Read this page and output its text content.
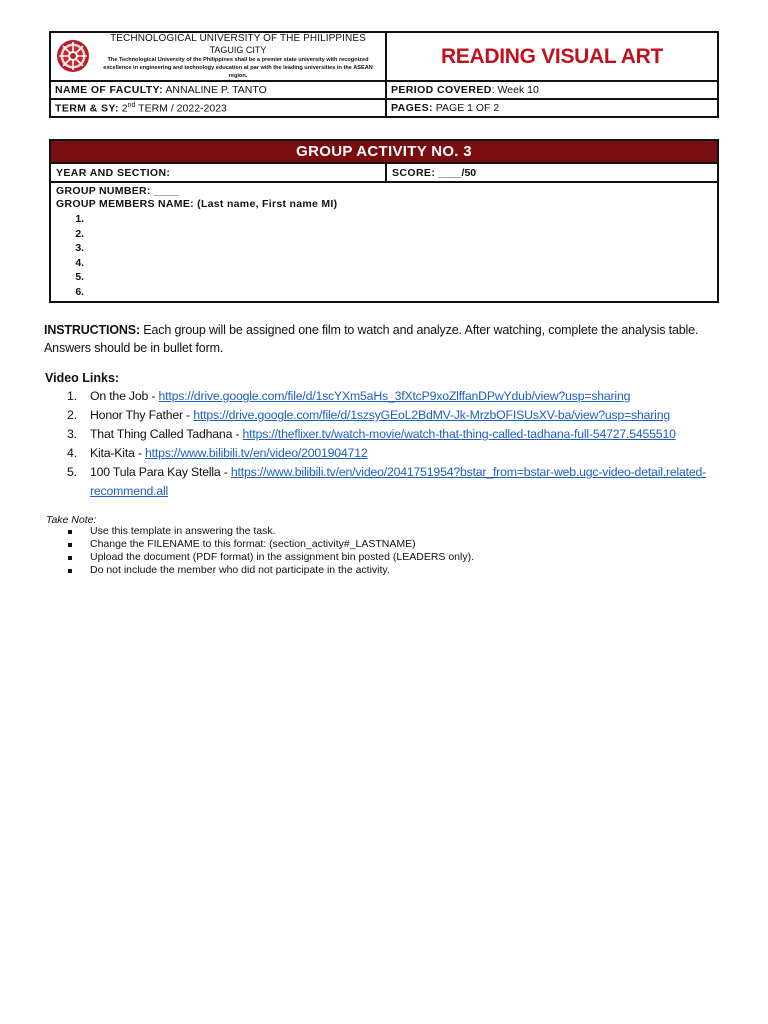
TECHNOLOGICAL UNIVERSITY OF THE PHILIPPINES
TAGUIG CITY
The Technological University of the Philippines shall be a premier state university with recognized excellence in engineering and technology education at par with the leading universities in the ASEAN region.	READING VISUAL ART
NAME OF FACULTY: ANNALINE P. TANTO	PERIOD COVERED: Week 10
TERM & SY: 2nd TERM / 2022-2023	PAGES: PAGE 1 OF 2
GROUP ACTIVITY NO. 3
YEAR AND SECTION:	SCORE: ____/50

GROUP NUMBER: ____
GROUP MEMBERS NAME: (Last name, First name MI)
1.
2.
3.
4.
5.
6.
INSTRUCTIONS: Each group will be assigned one film to watch and analyze. After watching, complete the analysis table. Answers should be in bullet form.
Video Links:
1. On the Job - https://drive.google.com/file/d/1scYXm5aHs_3fXtcP9xoZlffanDPwYdub/view?usp=sharing
2. Honor Thy Father - https://drive.google.com/file/d/1szsyGEoL2BdMV-Jk-MrzbOFISUsXV-ba/view?usp=sharing
3. That Thing Called Tadhana - https://theflixer.tv/watch-movie/watch-that-thing-called-tadhana-full-54727.5455510
4. Kita-Kita - https://www.bilibili.tv/en/video/2001904712
5. 100 Tula Para Kay Stella - https://www.bilibili.tv/en/video/2041751954?bstar_from=bstar-web.ugc-video-detail.related-recommend.all
Take Note:
Use this template in answering the task.
Change the FILENAME to this format: (section_activity#_LASTNAME)
Upload the document (PDF format) in the assignment bin posted (LEADERS only).
Do not include the member who did not participate in the activity.
